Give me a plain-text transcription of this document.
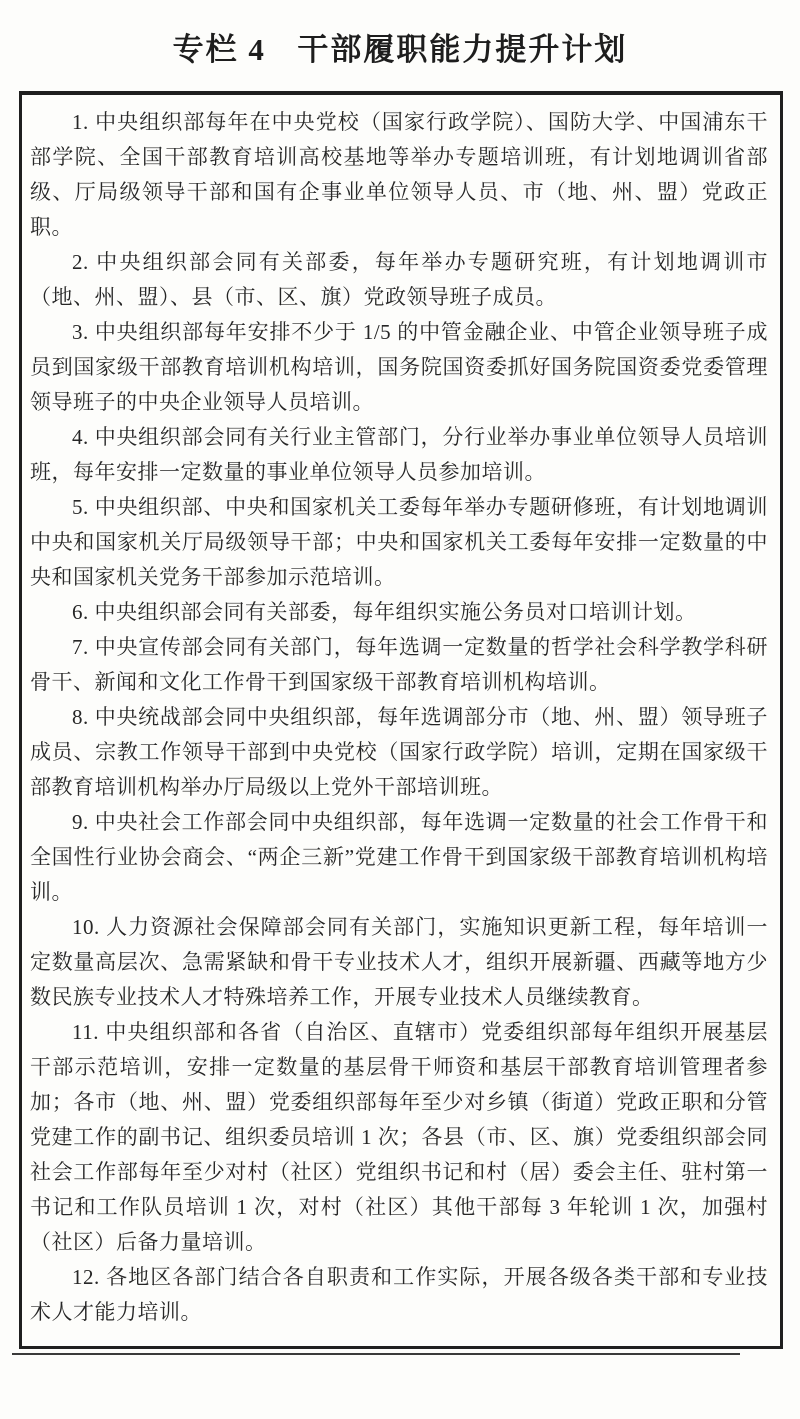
专栏 4 干部履职能力提升计划

1. 中央组织部每年在中央党校（国家行政学院）、国防大学、中国浦东干部学院、全国干部教育培训高校基地等举办专题培训班，有计划地调训省部级、厅局级领导干部和国有企事业单位领导人员、市（地、州、盟）党政正职。

2. 中央组织部会同有关部委，每年举办专题研究班，有计划地调训市（地、州、盟）、县（市、区、旗）党政领导班子成员。

3. 中央组织部每年安排不少于 1/5 的中管金融企业、中管企业领导班子成员到国家级干部教育培训机构培训，国务院国资委抓好国务院国资委党委管理领导班子的中央企业领导人员培训。

4. 中央组织部会同有关行业主管部门，分行业举办事业单位领导人员培训班，每年安排一定数量的事业单位领导人员参加培训。

5. 中央组织部、中央和国家机关工委每年举办专题研修班，有计划地调训中央和国家机关厅局级领导干部；中央和国家机关工委每年安排一定数量的中央和国家机关党务干部参加示范培训。

6. 中央组织部会同有关部委，每年组织实施公务员对口培训计划。

7. 中央宣传部会同有关部门，每年选调一定数量的哲学社会科学教学科研骨干、新闻和文化工作骨干到国家级干部教育培训机构培训。

8. 中央统战部会同中央组织部，每年选调部分市（地、州、盟）领导班子成员、宗教工作领导干部到中央党校（国家行政学院）培训，定期在国家级干部教育培训机构举办厅局级以上党外干部培训班。

9. 中央社会工作部会同中央组织部，每年选调一定数量的社会工作骨干和全国性行业协会商会、“两企三新”党建工作骨干到国家级干部教育培训机构培训。

10. 人力资源社会保障部会同有关部门，实施知识更新工程，每年培训一定数量高层次、急需紧缺和骨干专业技术人才，组织开展新疆、西藏等地方少数民族专业技术人才特殊培养工作，开展专业技术人员继续教育。

11. 中央组织部和各省（自治区、直辖市）党委组织部每年组织开展基层干部示范培训，安排一定数量的基层骨干师资和基层干部教育培训管理者参加；各市（地、州、盟）党委组织部每年至少对乡镇（街道）党政正职和分管党建工作的副书记、组织委员培训 1 次；各县（市、区、旗）党委组织部会同社会工作部每年至少对村（社区）党组织书记和村（居）委会主任、驻村第一书记和工作队员培训 1 次，对村（社区）其他干部每 3 年轮训 1 次，加强村（社区）后备力量培训。

12. 各地区各部门结合各自职责和工作实际，开展各级各类干部和专业技术人才能力培训。
